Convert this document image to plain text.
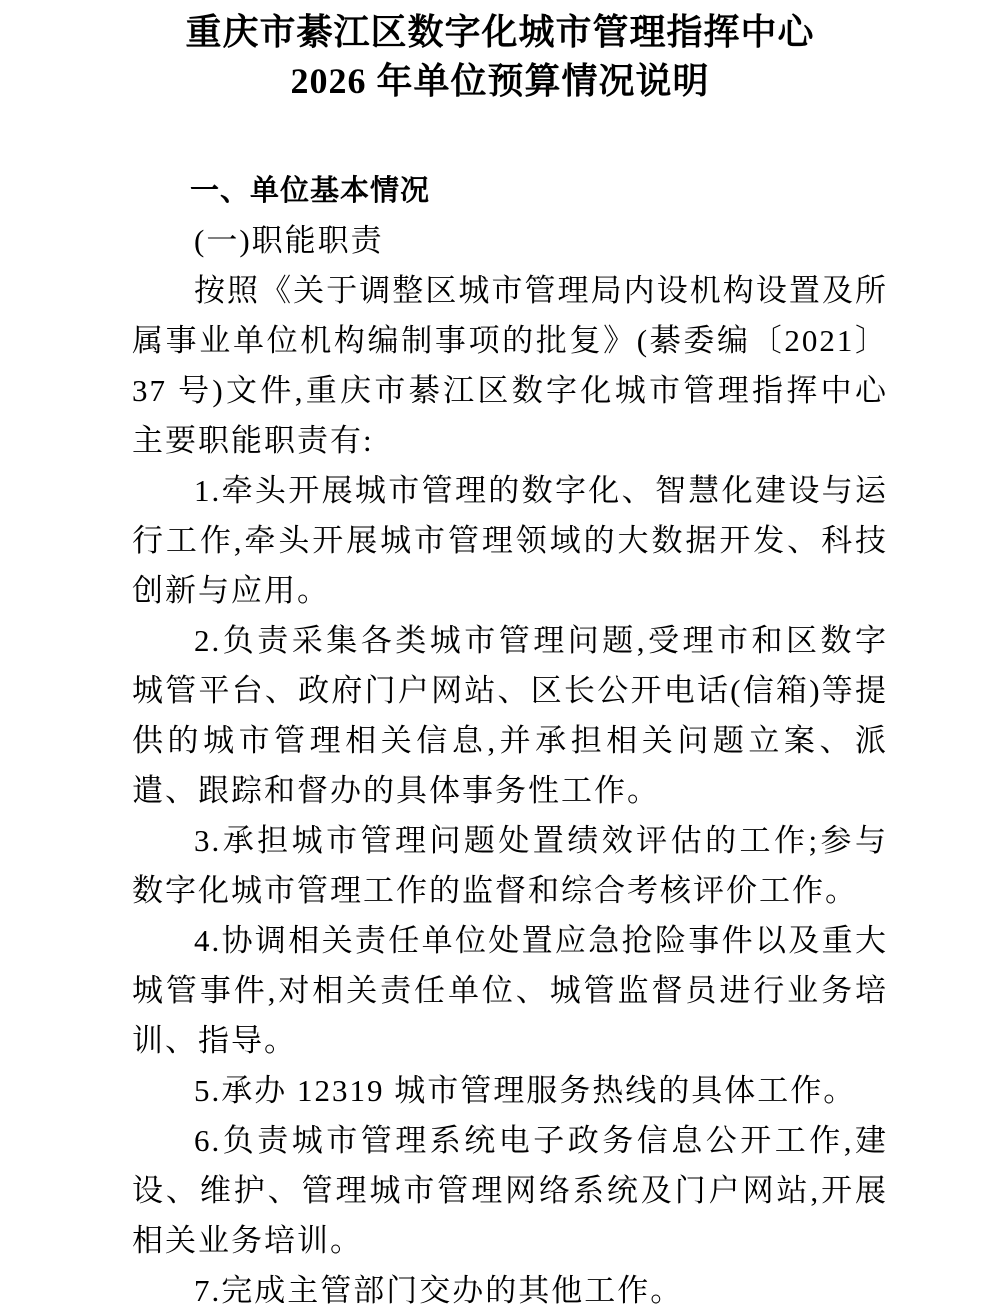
重庆市綦江区数字化城市管理指挥中心
2026 年单位预算情况说明
一、单位基本情况
(一)职能职责

按照《关于调整区城市管理局内设机构设置及所属事业单位机构编制事项的批复》(綦委编〔2021〕37 号)文件,重庆市綦江区数字化城市管理指挥中心主要职能职责有:

1.牵头开展城市管理的数字化、智慧化建设与运行工作,牵头开展城市管理领域的大数据开发、科技创新与应用。

2.负责采集各类城市管理问题,受理市和区数字城管平台、政府门户网站、区长公开电话(信箱)等提供的城市管理相关信息,并承担相关问题立案、派遣、跟踪和督办的具体事务性工作。

3.承担城市管理问题处置绩效评估的工作;参与数字化城市管理工作的监督和综合考核评价工作。

4.协调相关责任单位处置应急抢险事件以及重大城管事件,对相关责任单位、城管监督员进行业务培训、指导。

5.承办 12319 城市管理服务热线的具体工作。

6.负责城市管理系统电子政务信息公开工作,建设、维护、管理城市管理网络系统及门户网站,开展相关业务培训。

7.完成主管部门交办的其他工作。
